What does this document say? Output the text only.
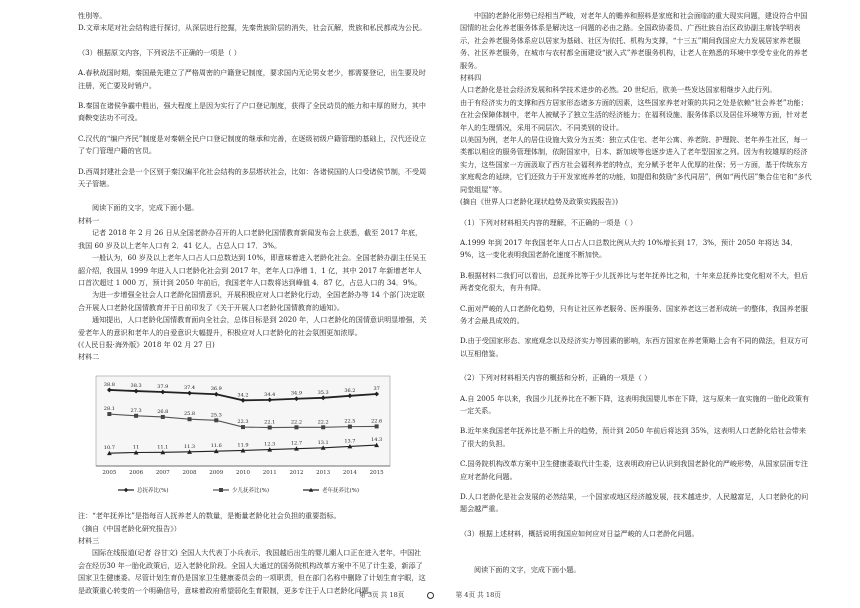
性別等。

D.文章末尾对社会结构进行探讨，从深层进行挖掘，先秦贵族阶层的消失，社会瓦解，贵族和私民都成为公民。

（3）根据原文内容，下列说法不正确的一项是（ ）

A.春秋战国时期，秦国最先建立了严格周密的户籍登记制度，要求国内无论男女老少，都需要登记，出生要及时注册，死亡要及时销户。

B.秦国在诸侯争霸中胜出，强大程度上是因为实行了户口登记制度，获得了全民动员的能力和丰厚的财力，其中商鞅变法功不可没。

C.汉代的“编户齐民”制度是对秦朝全民户口登记制度的继承和完善，在逐级初级户籍管理的基础上，汉代还设立了专门管理户籍的官员。

D.西周封建社会是一个区别于秦汉編平化社会结构的多层塔状社会，比如：各诸侯国的人口受诸侯节制，不受周天子管辖。

阅读下面的文字，完成下面小题。

材料一

记者 2018 年 2 月 26 日从全国老龄办召开的人口老龄化国情教育新闻发布会上获悉，截至 2017 年底，我国 60 岁及以上老年人口有 2．41 亿人，占总人口 17．3%。

一般认为，60 岁及以上老年人口占人口总数达到 10%，即意味着进入老龄化社会。全国老龄办副主任吴玉韶介绍，我国从 1999 年进入人口老龄化社会到 2017 年，老年人口净增 1．1 亿，其中 2017 年新增老年人口首次超过 1 000 万，预计到 2050 年前后，我国老年人口数将达到峰值 4．87 亿，占总人口的 34．9%。

为进一步增强全社会人口老龄化国情意识，开展积极应对人口老龄化行动，全国老龄办等 14 个部门决定联合开展人口老龄化国情教育并于日前印发了《关于开展人口老龄化国情教育的通知》。

通知提出，人口老龄化国情教育面向全社会，总体目标是到 2020 年，人口老龄化的国情意识明显增强，关爱老年人的意识和老年人的自爱意识大幅提升，积极应对人口老龄化的社会氛围更加浓厚。

(《人民日报·海外版》2018 年 02 月 27 日)

材料二

2005 2006 2007 2008 2009 2010 2011 2012 2013 2014 2015
38.8	38.3	37.9	37.4	36.9
34.2	34.4	34.9	35.3	36.2	37
28.1	27.3	26.8	25.8	25.3
22.3	22.1	22.2	22.2	22.5	22.6
10.7	11	11.1	11.3	11.6	11.9	12.3	12.7	13.1	13.7	14.3
总抚养比(%)	少儿抚养比(%)	老年抚养比(%)

注：“老年抚养比”是指每百人抚养老人的数量，是衡量老龄化社会负担的重要指标。

（摘自《中国老龄化研究报告》）

材料三

国际在线报道(记者 谷甘文) 全国人大代表丁小兵表示，我国越后出生的婴儿潮人口正在进入老年，中国社会在经历30 年一胎化政策后，迈入老龄化阶段。全国人大通过的国务院机构改革方案中不见了计生委，新添了国家卫生健康委。尽管计划生育仍是国家卫生健康委员会的一项职责，但在部门名称中删除了计划生育字眼，这是政策重心转变的一个明确信号，意味着政府希望弱化生育限制，更多专注于人口老龄化问题。

中国的老龄化形势已经相当严峻，对老年人的赡养和照料是家庭和社会面临的重大现实问题，建设符合中国国情的社会化养老服务体系是解决这一问题的必由之路。全国政协委员、广西壮族自治区政协副主席钱学明表示，社会养老服务体系应以居家为基础、社区为依托、机构为支撑，“十三五”期间我国应大力发展居家养老服务、社区养老服务，在城市与农村都全面建设“嵌入式”养老服务机构，让老人在熟悉的环境中享受专业化的养老服务。

材料四

人口老龄化是社会经济发展和科学技术进步的必然。20 世纪后，欧美一些发达国家相继步入此行列。

由于有经济实力的支撑和西方居家形态诸多方面的因素，这些国家养老对策的共同之处是依赖“社会养老”功能；在社会保障体制中，老年人被赋予了独立生活的经济能力；在福利设施、服务体系以及居住环境等方面，针对老年人的生理情况，采用不同层次、不同类别的设计。

以美国为例，老年人的居住设施大致分为五类：独立式住宅、老年公寓、养老院、护理院、老年养生社区，每一类都以相应的服务管理体制，依附国家中，日本、新加坡等也逐步进入了老年型国家之列。因为有较雄厚的经济实力，这些国家一方面汲取了西方社会福利养老的特点，充分赋予老年人优厚的社保；另一方面，基于传统东方家庭观念的延续，它们还致力于开发家庭养老的功能，如提倡和鼓励“多代同居”，例如“两代居”集合住宅和“多代同堂组屋”等。

(摘自《世界人口老龄化现状趋势及政策实践报告》)

（1）下列对材料相关内容的理解，不正确的一项是（ ）

A.1999 年到 2017 年我国老年人口占人口总数比例从大约 10%增长到 17．3%，预计 2050 年将达 34．9%，这一变化表明我国老龄化速度不断加快。

B.根据材料二我们可以看出，总抚养比等于少儿抚养比与老年抚养比之和，十年来总抚养比变化相对不大，但后两者变化很大，有升有降。

C.面对严峻的人口老龄化趋势，只有让社区养老服务、医养服务、国家养老这三者形成统一的整体，我国养老服务才会最具成效的。

D.由于受国家形态、家庭观念以及经济实力等因素的影响，东西方国家在养老策略上会有不同的做法，但双方可以互相借鉴。

（2）下列对材料相关内容的概括和分析，正确的一项是（ ）

A.自 2005 年以来，我国少儿抚养比在不断下降，这表明我国婴儿率在下降，这与原来一直实施的一胎化政策有一定关系。

B.近年来我国老年抚养比是不断上升的趋势，预计到 2050 年前后将达到 35%，这表明人口老龄化给社会带来了很大的负担。

C.国务院机构改革方案中卫生健康委取代计生委，这表明政府已认识到我国老龄化的严峻形势，从国家层面专注应对老龄化问题。

D.人口老龄化是社会发展的必然结果，一个国家或地区经济越发展，技术越进步，人民越富足，人口老龄化的问题会越严重。

（3）根据上述材料，概括说明我国应如何应对日益严峻的人口老龄化问题。

阅读下面的文字，完成下面小题。

第 3页 共 18页	第 4页 共 18页
